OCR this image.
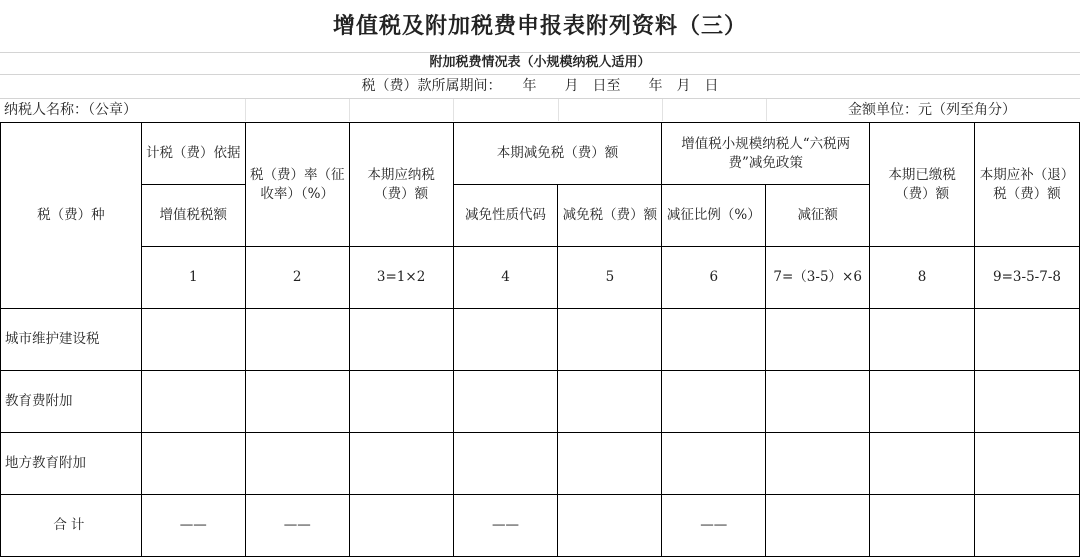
增值税及附加税费申报表附列资料（三）
附加税费情况表（小规模纳税人适用）
税（费）款所属期间：　　年　　月　日至　　年　月　日
纳税人名称：（公章）	金额单位：元（列至角分）
税（费）种	计税（费）依据	税（费）率（征收率）（%）	本期应纳税（费）额	本期减免税（费）额		增值税小规模纳税人“六税两费”减免政策		本期已缴税（费）额	本期应补（退）税（费）额
	增值税税额			减免性质代码	减免税（费）额	减征比例（%）	减征额		
	1	2	3=1×2	4	5	6	7=（3-5）×6	8	9=3-5-7-8
城市维护建设税									
教育费附加									
地方教育附加									
合计	——	——		——		——			
